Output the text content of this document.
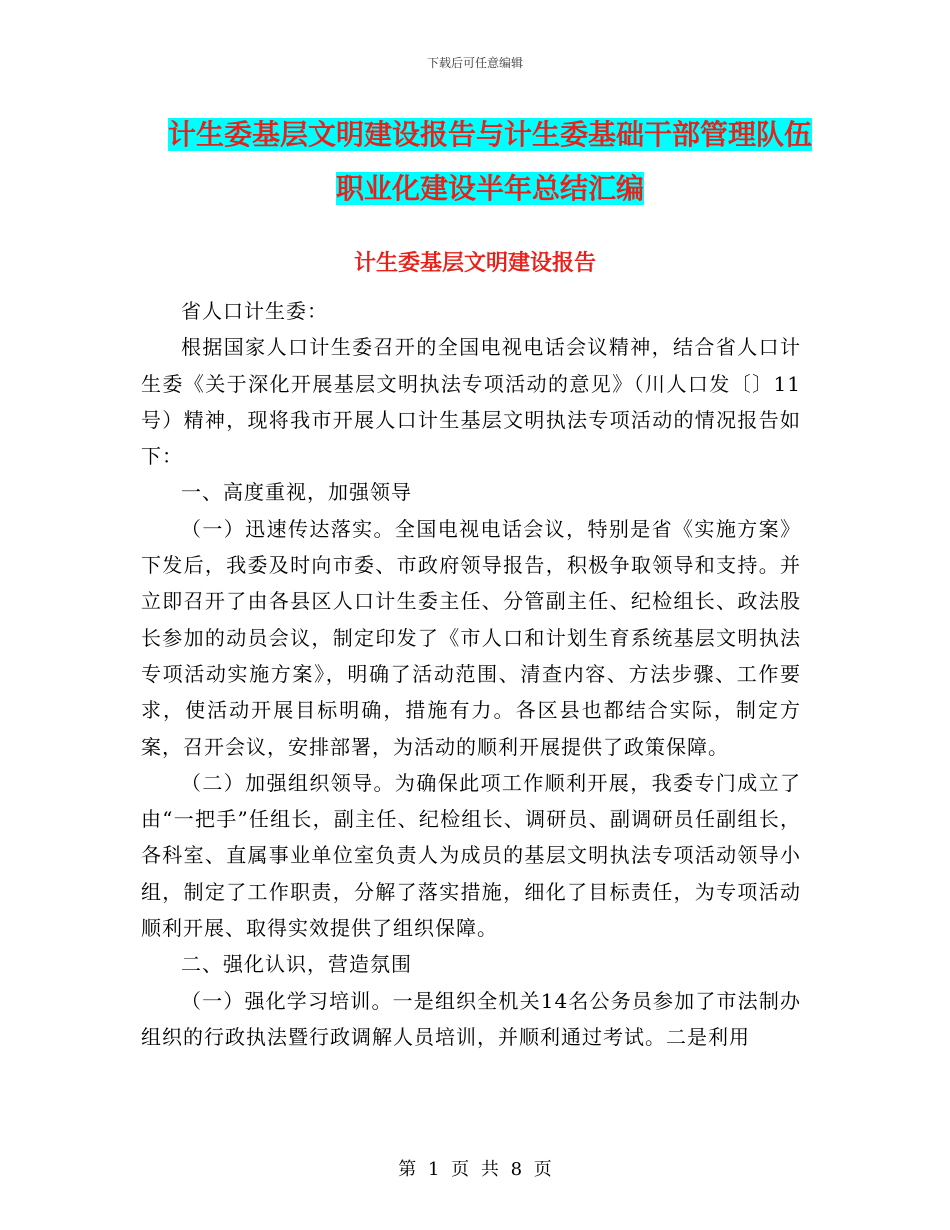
下载后可任意编辑
计生委基层文明建设报告与计生委基础干部管理队伍
职业化建设半年总结汇编
计生委基层文明建设报告

省人口计生委：

根据国家人口计生委召开的全国电视电话会议精神，结合省人口计生委《关于深化开展基层文明执法专项活动的意见》（川人口发〔〕11号）精神，现将我市开展人口计生基层文明执法专项活动的情况报告如下：

一、高度重视，加强领导

（一）迅速传达落实。全国电视电话会议，特别是省《实施方案》下发后，我委及时向市委、市政府领导报告，积极争取领导和支持。并立即召开了由各县区人口计生委主任、分管副主任、纪检组长、政法股长参加的动员会议，制定印发了《市人口和计划生育系统基层文明执法专项活动实施方案》，明确了活动范围、清查内容、方法步骤、工作要求，使活动开展目标明确，措施有力。各区县也都结合实际，制定方案，召开会议，安排部署，为活动的顺利开展提供了政策保障。

（二）加强组织领导。为确保此项工作顺利开展，我委专门成立了由“一把手”任组长，副主任、纪检组长、调研员、副调研员任副组长，各科室、直属事业单位室负责人为成员的基层文明执法专项活动领导小组，制定了工作职责，分解了落实措施，细化了目标责任，为专项活动顺利开展、取得实效提供了组织保障。

二、强化认识，营造氛围

（一）强化学习培训。一是组织全机关14名公务员参加了市法制办组织的行政执法暨行政调解人员培训，并顺利通过考试。二是利用

第 1 页 共 8 页
